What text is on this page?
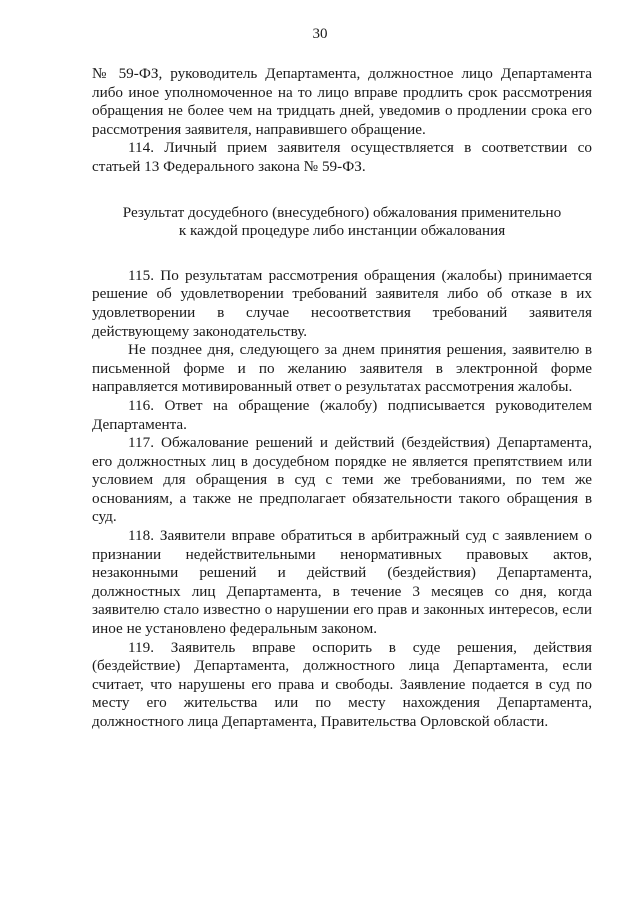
30

№ 59-ФЗ, руководитель Департамента, должностное лицо Департамента либо иное уполномоченное на то лицо вправе продлить срок рассмотрения обращения не более чем на тридцать дней, уведомив о продлении срока его рассмотрения заявителя, направившего обращение.

114. Личный прием заявителя осуществляется в соответствии со статьей 13 Федерального закона № 59-ФЗ.

Результат досудебного (внесудебного) обжалования применительно
к каждой процедуре либо инстанции обжалования

115. По результатам рассмотрения обращения (жалобы) принимается решение об удовлетворении требований заявителя либо об отказе в их удовлетворении в случае несоответствия требований заявителя действующему законодательству.

Не позднее дня, следующего за днем принятия решения, заявителю в письменной форме и по желанию заявителя в электронной форме направляется мотивированный ответ о результатах рассмотрения жалобы.

116. Ответ на обращение (жалобу) подписывается руководителем Департамента.

117. Обжалование решений и действий (бездействия) Департамента, его должностных лиц в досудебном порядке не является препятствием или условием для обращения в суд с теми же требованиями, по тем же основаниям, а также не предполагает обязательности такого обращения в суд.

118. Заявители вправе обратиться в арбитражный суд с заявлением о признании недействительными ненормативных правовых актов, незаконными решений и действий (бездействия) Департамента, должностных лиц Департамента, в течение 3 месяцев со дня, когда заявителю стало известно о нарушении его прав и законных интересов, если иное не установлено федеральным законом.

119. Заявитель вправе оспорить в суде решения, действия (бездействие) Департамента, должностного лица Департамента, если считает, что нарушены его права и свободы. Заявление подается в суд по месту его жительства или по месту нахождения Департамента, должностного лица Департамента, Правительства Орловской области.
